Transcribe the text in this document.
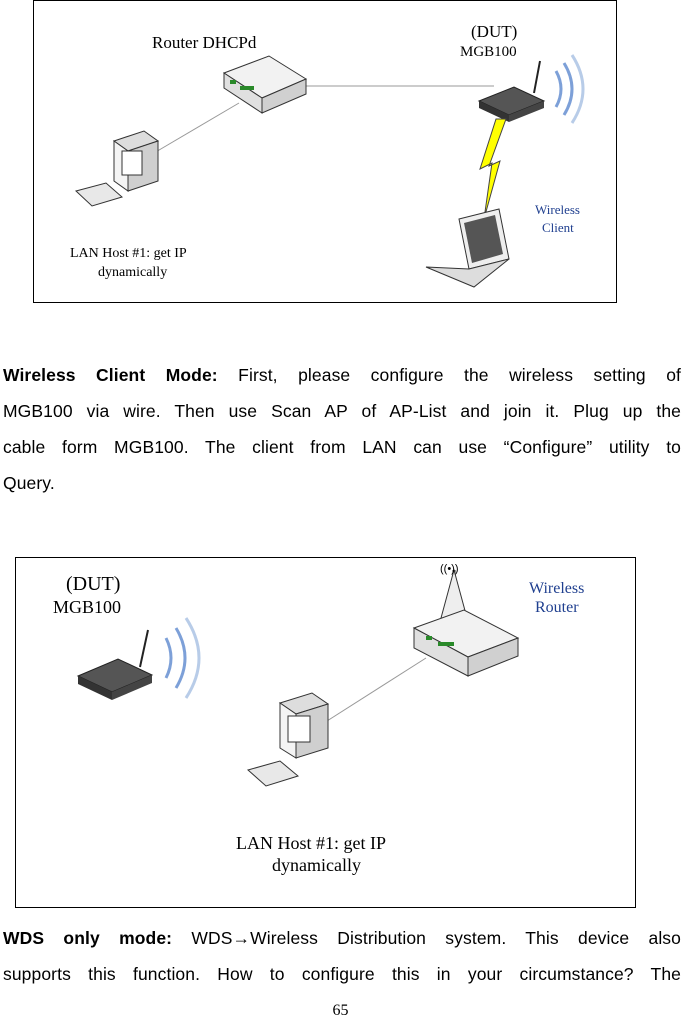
Router DHCPd
(DUT)
MGB100
Wireless
Client
LAN Host #1: get IP
dynamically
Wireless Client Mode: First, please configure the wireless setting of
MGB100 via wire. Then use Scan AP of AP-List and join it. Plug up the
cable form MGB100. The client from LAN can use “Configure” utility to
Query.
((•))
(DUT)
MGB100
Wireless
Router
LAN Host #1: get IP
dynamically
WDS only mode: WDS→Wireless Distribution system. This device also
supports this function. How to configure this in your circumstance? The
65
